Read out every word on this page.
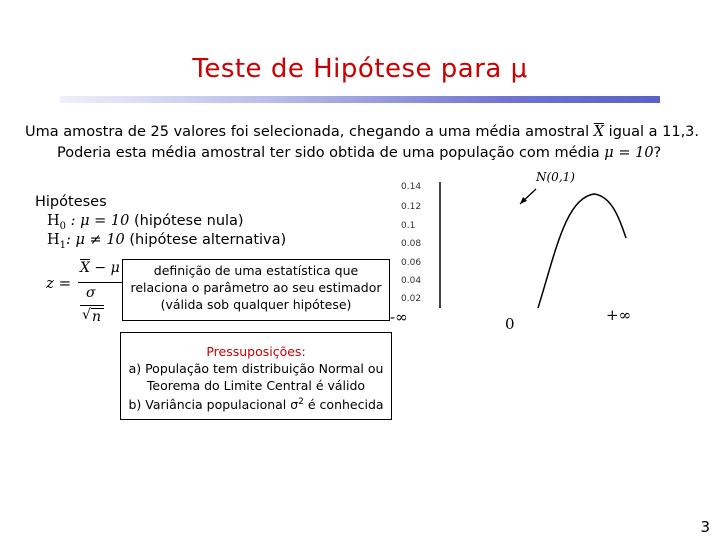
Teste de Hipótese para μ
Uma amostra de 25 valores foi selecionada, chegando a uma média amostral $\overline{X}$ igual a 11,3.
Poderia esta média amostral ter sido obtida de uma população com média μ = 10?
Hipóteses
$H_0$ : μ = 10 (hipótese nula)
$H_1$: μ ≠ 10 (hipótese alternativa)
z =
$\overline{X} - \mu$
σ
√ n
definição de uma estatística que
relaciona o parâmetro ao seu estimador
(válida sob qualquer hipótese)
0.14
0.12
0.1
0.08
0.06
0.04
0.02
N(0,1)
-∞	0	+∞
Pressuposições:
a) População tem distribuição Normal ou
Teorema do Limite Central é válido
b) Variância populacional $\sigma^2$ é conhecida
3
